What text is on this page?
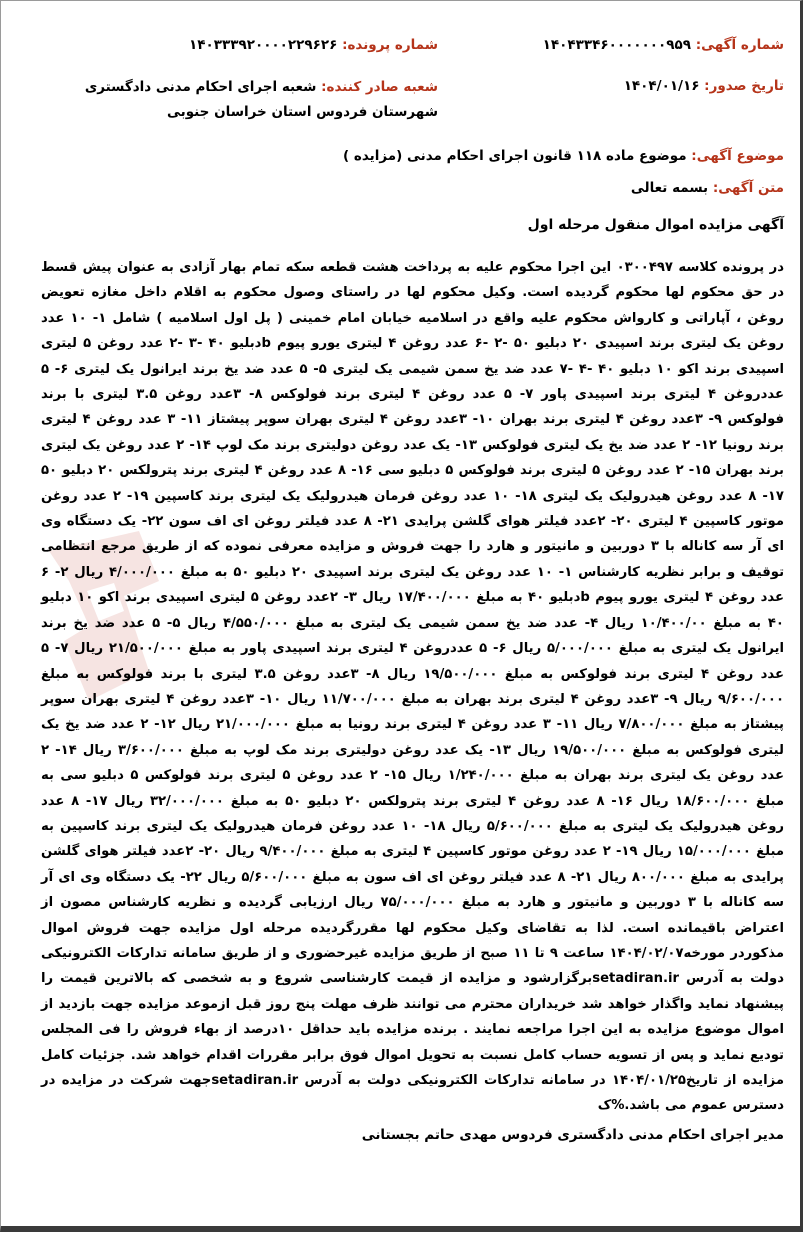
شماره آگهی: ۱۴۰۴۳۳۴۶۰۰۰۰۰۰۰۹۵۹
شماره پرونده: ۱۴۰۳۳۳۹۲۰۰۰۰۲۲۹۶۲۶
تاریخ صدور: ۱۴۰۴/۰۱/۱۶
شعبه صادر کننده: شعبه اجرای احکام مدنی دادگستری شهرستان فردوس استان خراسان جنوبی
موضوع آگهی: موضوع ماده ۱۱۸ قانون اجرای احکام مدنی (مزایده )
متن آگهی: بسمه تعالی
آگهی مزایده اموال منقول مرحله اول
در پرونده کلاسه ۰۳۰۰۴۹۷ این اجرا محکوم علیه به پرداخت هشت قطعه سکه تمام بهار آزادی به عنوان پیش قسط در حق محکوم لها محکوم گردیده است. وکیل محکوم لها در راستای وصول محکوم به اقلام داخل مغازه تعویض روغن ، آپاراتی و کارواش محکوم علیه واقع در اسلامیه خیابان امام خمینی ( پل اول اسلامیه ) شامل ۱- ۱۰ عدد روغن یک لیتری برند اسپیدی ۲۰ دبلیو ۵۰ -۲ -۶ عدد روغن ۴ لیتری یورو پیوم bدبلیو ۴۰ -۳ -۲ عدد روغن ۵ لیتری اسپیدی برند اکو ۱۰ دبلیو ۴۰ -۴ -۷ عدد ضد یخ سمن شیمی یک لیتری ۵- ۵ عدد ضد یخ برند ایرانول یک لیتری ۶- ۵ عددروغن ۴ لیتری برند اسپیدی پاور ۷- ۵ عدد روغن ۴ لیتری برند فولوکس ۸- ۳عدد روغن ۳.۵ لیتری با برند فولوکس ۹- ۳عدد روغن ۴ لیتری برند بهران ۱۰- ۳عدد روغن ۴ لیتری بهران سوپر پیشتاز ۱۱- ۳ عدد روغن ۴ لیتری برند رونیا ۱۲- ۲ عدد ضد یخ یک لیتری فولوکس ۱۳- یک عدد روغن دولیتری برند مک لوپ ۱۴- ۲ عدد روغن یک لیتری برند بهران ۱۵- ۲ عدد روغن ۵ لیتری برند فولوکس ۵ دبلیو سی ۱۶- ۸ عدد روغن ۴ لیتری برند پترولکس ۲۰ دبلیو ۵۰ ۱۷- ۸ عدد روغن هیدرولیک یک لیتری ۱۸- ۱۰ عدد روغن فرمان هیدرولیک یک لیتری برند کاسپین ۱۹- ۲ عدد روغن موتور کاسپین ۴ لیتری ۲۰- ۲عدد فیلتر هوای گلشن پرایدی ۲۱- ۸ عدد فیلتر روغن ای اف سون ۲۲- یک دستگاه وی ای آر سه کاناله با ۳ دوربین و مانیتور و هارد را جهت فروش و مزایده معرفی نموده که از طریق مرجع انتظامی توقیف و برابر نظریه کارشناس ۱- ۱۰ عدد روغن یک لیتری برند اسپیدی ۲۰ دبلیو ۵۰ به مبلغ ۴/۰۰۰/۰۰۰ ریال ۲- ۶ عدد روغن ۴ لیتری یورو پیوم bدبلیو ۴۰ به مبلغ ۱۷/۴۰۰/۰۰۰ ریال ۳- ۲عدد روغن ۵ لیتری اسپیدی برند اکو ۱۰ دبلیو ۴۰ به مبلغ ۱۰/۴۰۰/۰۰ ریال ۴- عدد ضد یخ سمن شیمی یک لیتری به مبلغ ۴/۵۵۰/۰۰۰ ریال ۵- ۵ عدد ضد یخ برند ایرانول یک لیتری به مبلغ ۵/۰۰۰/۰۰۰ ریال ۶- ۵ عددروغن ۴ لیتری برند اسپیدی پاور به مبلغ ۲۱/۵۰۰/۰۰۰ ریال ۷- ۵ عدد روغن ۴ لیتری برند فولوکس به مبلغ ۱۹/۵۰۰/۰۰۰ ریال ۸- ۳عدد روغن ۳.۵ لیتری با برند فولوکس به مبلغ ۹/۶۰۰/۰۰۰ ریال ۹- ۳عدد روغن ۴ لیتری برند بهران به مبلغ ۱۱/۷۰۰/۰۰۰ ریال ۱۰- ۳عدد روغن ۴ لیتری بهران سوپر پیشتاز به مبلغ ۷/۸۰۰/۰۰۰ ریال ۱۱- ۳ عدد روغن ۴ لیتری برند رونیا به مبلغ ۲۱/۰۰۰/۰۰۰ ریال ۱۲- ۲ عدد ضد یخ یک لیتری فولوکس به مبلغ ۱۹/۵۰۰/۰۰۰ ریال ۱۳- یک عدد روغن دولیتری برند مک لوپ به مبلغ ۳/۶۰۰/۰۰۰ ریال ۱۴- ۲ عدد روغن یک لیتری برند بهران به مبلغ ۱/۲۴۰/۰۰۰ ریال ۱۵- ۲ عدد روغن ۵ لیتری برند فولوکس ۵ دبلیو سی به مبلغ ۱۸/۶۰۰/۰۰۰ ریال ۱۶- ۸ عدد روغن ۴ لیتری برند پترولکس ۲۰ دبلیو ۵۰ به مبلغ ۳۲/۰۰۰/۰۰۰ ریال ۱۷- ۸ عدد روغن هیدرولیک یک لیتری به مبلغ ۵/۶۰۰/۰۰۰ ریال ۱۸- ۱۰ عدد روغن فرمان هیدرولیک یک لیتری برند کاسپین به مبلغ ۱۵/۰۰۰/۰۰۰ ریال ۱۹- ۲ عدد روغن موتور کاسپین ۴ لیتری به مبلغ ۹/۴۰۰/۰۰۰ ریال ۲۰- ۲عدد فیلتر هوای گلشن پرایدی به مبلغ ۸۰۰/۰۰۰ ریال ۲۱- ۸ عدد فیلتر روغن ای اف سون به مبلغ ۵/۶۰۰/۰۰۰ ریال ۲۲- یک دستگاه وی ای آر سه کاناله با ۳ دوربین و مانیتور و هارد به مبلغ ۷۵/۰۰۰/۰۰۰ ریال ارزیابی گردیده و نظریه کارشناس مصون از اعتراض باقیمانده است. لذا به تقاضای وکیل محکوم لها مقررگردیده مرحله اول مزایده جهت فروش اموال مذکوردر مورخه۱۴۰۴/۰۲/۰۷ ساعت ۹ تا ۱۱ صبح از طریق مزایده غیرحضوری و از طریق سامانه تدارکات الکترونیکی دولت به آدرس setadiran.irبرگزارشود و مزایده از قیمت کارشناسی شروع و به شخصی که بالاترین قیمت را پیشنهاد نماید واگذار خواهد شد خریداران محترم می توانند ظرف مهلت پنج روز قبل ازموعد مزایده جهت بازدید از اموال موضوع مزایده به این اجرا مراجعه نمایند . برنده مزایده باید حداقل ۱۰درصد از بهاء فروش را فی المجلس تودیع نماید و پس از تسویه حساب کامل نسبت به تحویل اموال فوق برابر مقررات اقدام خواهد شد. جزئیات کامل مزایده از تاریخ۱۴۰۴/۰۱/۲۵ در سامانه تدارکات الکترونیکی دولت به آدرس setadiran.irجهت شرکت در مزایده در دسترس عموم می باشد.%ک
مدیر اجرای احکام مدنی دادگستری فردوس مهدی حاتم بجستانی
